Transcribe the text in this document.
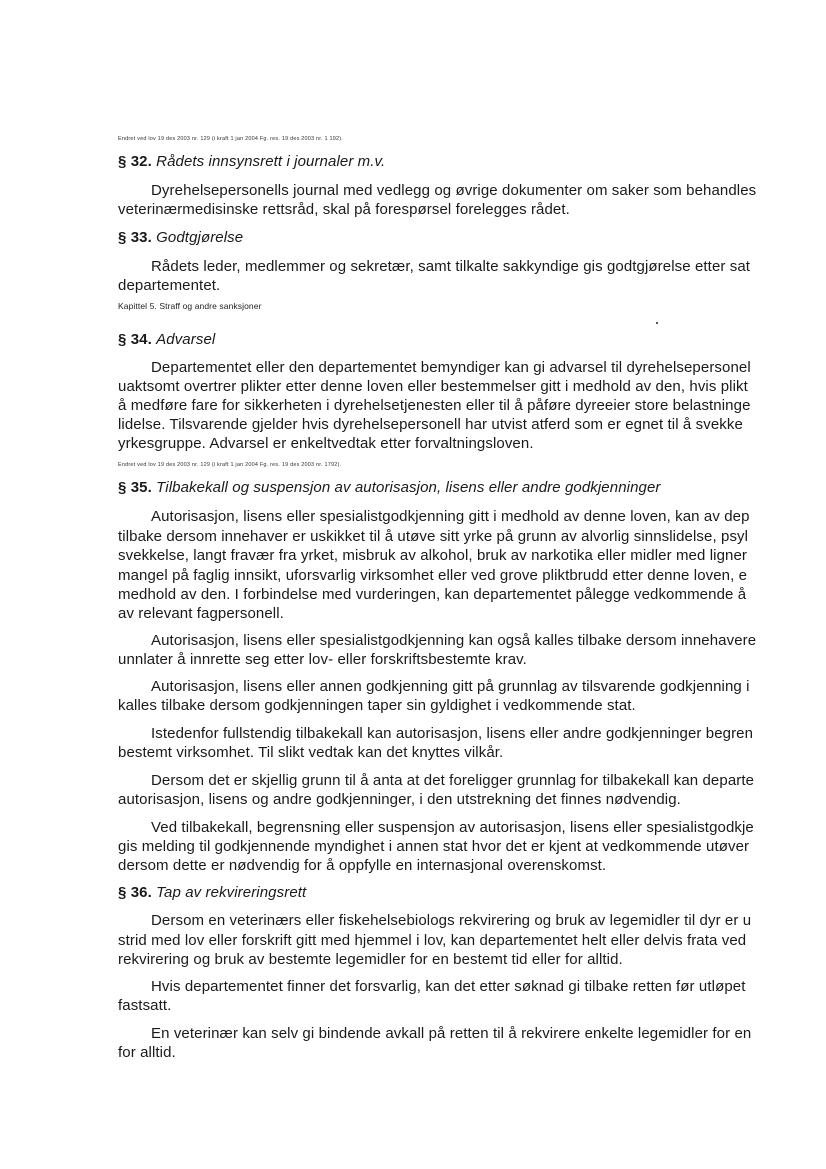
Endret ved lov 19 des 2003 nr. 129 (i kraft 1 jan 2004 Fg. res. 19 des 2003 nr. 1 192).
§ 32. Rådets innsynsrett i journaler m.v.
Dyrehelsepersonells journal med vedlegg og øvrige dokumenter om saker som behandles
veterinærmedisinske rettsråd, skal på forespørsel forelegges rådet.
§ 33. Godtgjørelse
Rådets leder, medlemmer og sekretær, samt tilkalte sakkyndige gis godtgjørelse etter sat
departementet.
Kapittel 5. Straff og andre sanksjoner
§ 34. Advarsel
Departementet eller den departementet bemyndiger kan gi advarsel til dyrehelsepersonel
uaktsomt overtrer plikter etter denne loven eller bestemmelser gitt i medhold av den, hvis plikt
å medføre fare for sikkerheten i dyrehelsetjenesten eller til å påføre dyreeier store belastninge
lidelse. Tilsvarende gjelder hvis dyrehelsepersonell har utvist atferd som er egnet til å svekke
yrkesgruppe. Advarsel er enkeltvedtak etter forvaltningsloven.
Endret ved lov 19 des 2003 nr. 129 (i kraft 1 jan 2004 Fg. res. 19 des 2003 nr. 1792).
§ 35. Tilbakekall og suspensjon av autorisasjon, lisens eller andre godkjenninger
Autorisasjon, lisens eller spesialistgodkjenning gitt i medhold av denne loven, kan av dep
tilbake dersom innehaver er uskikket til å utøve sitt yrke på grunn av alvorlig sinnslidelse, psyl
svekkelse, langt fravær fra yrket, misbruk av alkohol, bruk av narkotika eller midler med ligner
mangel på faglig innsikt, uforsvarlig virksomhet eller ved grove pliktbrudd etter denne loven, e
medhold av den. I forbindelse med vurderingen, kan departementet pålegge vedkommende å
av relevant fagpersonell.
Autorisasjon, lisens eller spesialistgodkjenning kan også kalles tilbake dersom innehavere
unnlater å innrette seg etter lov- eller forskriftsbestemte krav.
Autorisasjon, lisens eller annen godkjenning gitt på grunnlag av tilsvarende godkjenning i
kalles tilbake dersom godkjenningen taper sin gyldighet i vedkommende stat.
Istedenfor fullstendig tilbakekall kan autorisasjon, lisens eller andre godkjenninger begren
bestemt virksomhet. Til slikt vedtak kan det knyttes vilkår.
Dersom det er skjellig grunn til å anta at det foreligger grunnlag for tilbakekall kan departe
autorisasjon, lisens og andre godkjenninger, i den utstrekning det finnes nødvendig.
Ved tilbakekall, begrensning eller suspensjon av autorisasjon, lisens eller spesialistgodkje
gis melding til godkjennende myndighet i annen stat hvor det er kjent at vedkommende utøver
dersom dette er nødvendig for å oppfylle en internasjonal overenskomst.
§ 36. Tap av rekvireringsrett
Dersom en veterinærs eller fiskehelsebiologs rekvirering og bruk av legemidler til dyr er u
strid med lov eller forskrift gitt med hjemmel i lov, kan departementet helt eller delvis frata ved
rekvirering og bruk av bestemte legemidler for en bestemt tid eller for alltid.
Hvis departementet finner det forsvarlig, kan det etter søknad gi tilbake retten før utløpet
fastsatt.
En veterinær kan selv gi bindende avkall på retten til å rekvirere enkelte legemidler for en
for alltid.
